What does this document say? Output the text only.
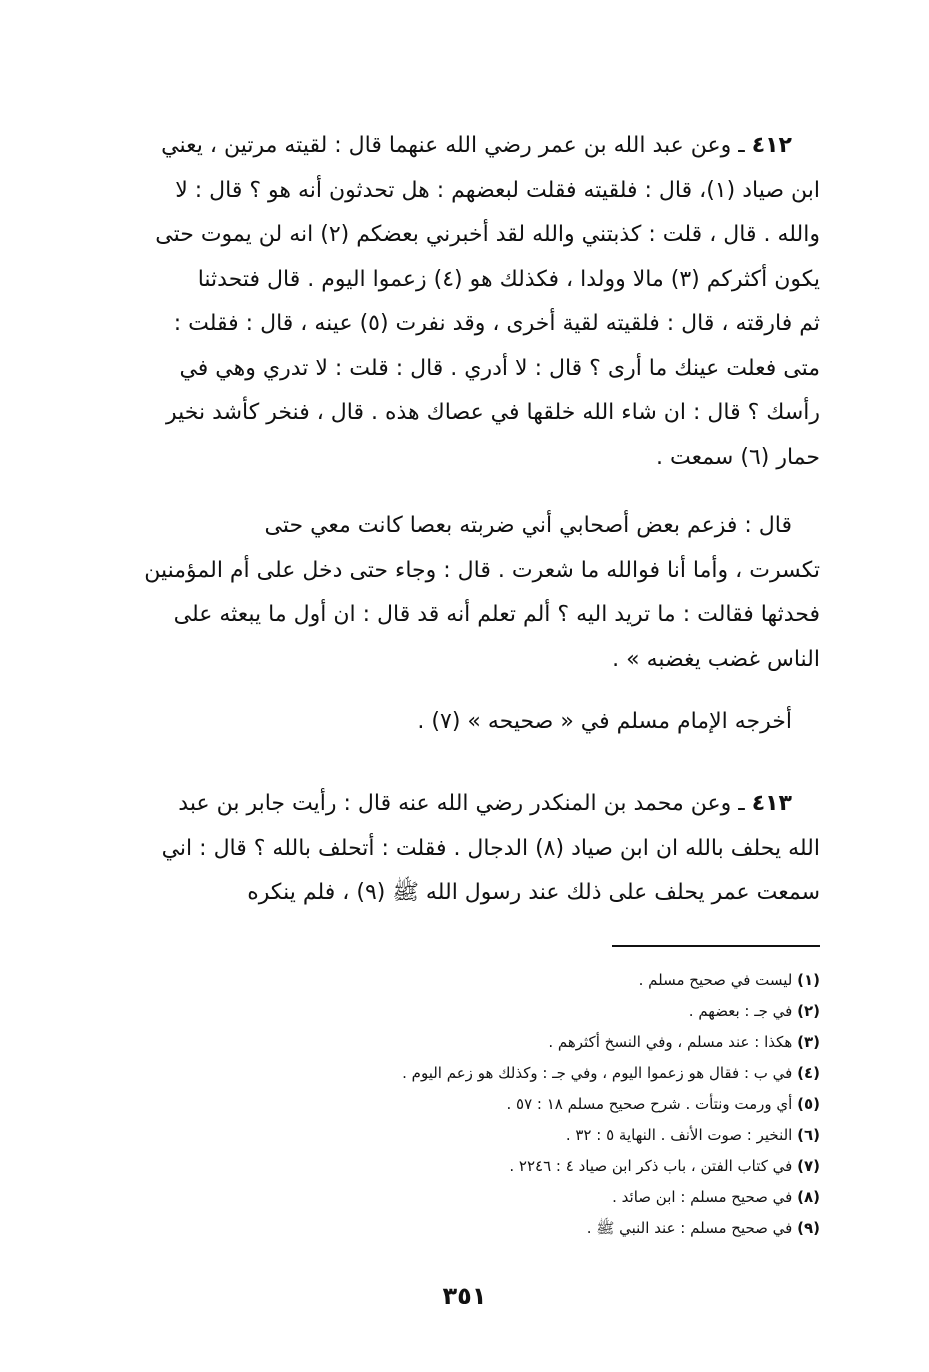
٤١٢ ـ وعن عبد الله بن عمر رضي الله عنهما قال : لقيته مرتين ، يعني

ابن صياد (١)، قال : فلقيته فقلت لبعضهم : هل تحدثون أنه هو ؟ قال : لا

والله . قال ، قلت : كذبتني والله لقد أخبرني بعضكم (٢) انه لن يموت حتى

يكون أكثركم (٣) مالا وولدا ، فكذلك هو (٤) زعموا اليوم . قال فتحدثنا

ثم فارقته ، قال : فلقيته لقية أخرى ، وقد نفرت (٥) عينه ، قال : فقلت :

متى فعلت عينك ما أرى ؟ قال : لا أدري . قال : قلت : لا تدري وهي في

رأسك ؟ قال : ان شاء الله خلقها في عصاك هذه . قال ، فنخر كأشد نخير

حمار (٦) سمعت .

قال : فزعم بعض أصحابي أني ضربته بعصا كانت معي حتى

تكسرت ، وأما أنا فوالله ما شعرت . قال : وجاء حتى دخل على أم المؤمنين

فحدثها فقالت : ما تريد اليه ؟ ألم تعلم أنه قد قال : ان أول ما يبعثه على

الناس غضب يغضبه » .

أخرجه الإمام مسلم في « صحيحه » (٧) .

٤١٣ ـ وعن محمد بن المنكدر رضي الله عنه قال : رأيت جابر بن عبد

الله يحلف بالله ان ابن صياد (٨) الدجال . فقلت : أتحلف بالله ؟ قال : اني

سمعت عمر يحلف على ذلك عند رسول الله ﷺ (٩) ، فلم ينكره

(١) ليست في صحيح مسلم .
(٢) في جـ : بعضهم .
(٣) هكذا : عند مسلم ، وفي النسخ أكثرهم .
(٤) في ب : فقال هو زعموا اليوم ، وفي جـ : وكذلك هو زعم اليوم .
(٥) أي ورمت ونتأت . شرح صحيح مسلم ١٨ : ٥٧ .
(٦) النخير : صوت الأنف . النهاية ٥ : ٣٢ .
(٧) في كتاب الفتن ، باب ذكر ابن صياد ٤ : ٢٢٤٦ .
(٨) في صحيح مسلم : ابن صائد .
(٩) في صحيح مسلم : عند النبي ﷺ .
٣٥١
